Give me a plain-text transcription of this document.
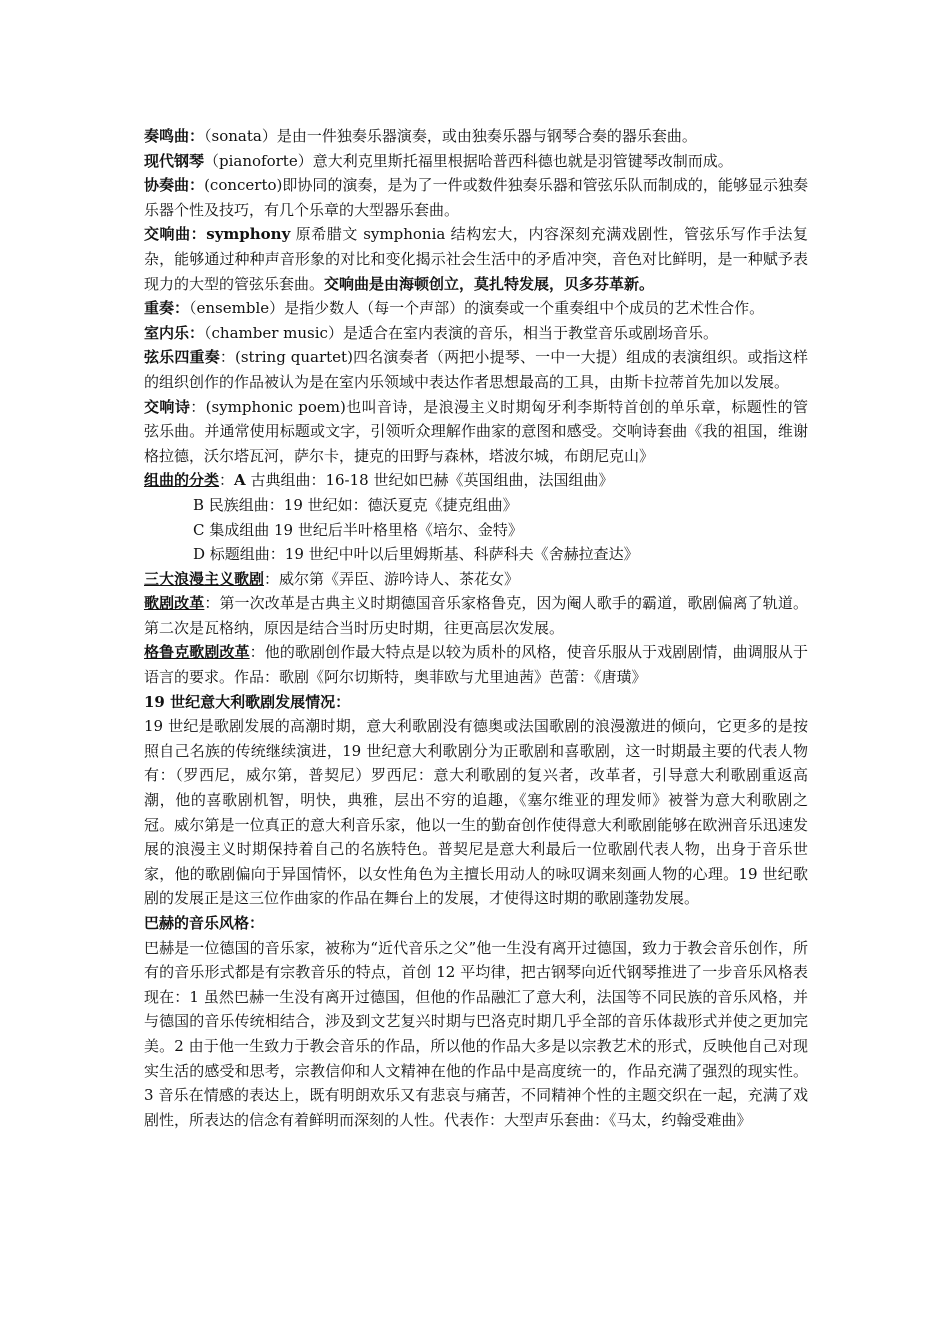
奏鸣曲：（sonata）是由一件独奏乐器演奏，或由独奏乐器与钢琴合奏的器乐套曲。

现代钢琴（pianoforte）意大利克里斯托福里根据哈普西科德也就是羽管键琴改制而成。

协奏曲：(concerto)即协同的演奏，是为了一件或数件独奏乐器和管弦乐队而制成的，能够显示独奏乐器个性及技巧，有几个乐章的大型器乐套曲。

交响曲：symphony 原希腊文 symphonia 结构宏大，内容深刻充满戏剧性，管弦乐写作手法复杂，能够通过种种声音形象的对比和变化揭示社会生活中的矛盾冲突，音色对比鲜明，是一种赋予表现力的大型的管弦乐套曲。交响曲是由海顿创立，莫扎特发展，贝多芬革新。

重奏：（ensemble）是指少数人（每一个声部）的演奏或一个重奏组中个成员的艺术性合作。

室内乐：（chamber music）是适合在室内表演的音乐，相当于教堂音乐或剧场音乐。

弦乐四重奏：(string quartet)四名演奏者（两把小提琴、一中一大提）组成的表演组织。或指这样的组织创作的作品被认为是在室内乐领域中表达作者思想最高的工具，由斯卡拉蒂首先加以发展。

交响诗：(symphonic poem)也叫音诗，是浪漫主义时期匈牙利李斯特首创的单乐章，标题性的管弦乐曲。并通常使用标题或文字，引领听众理解作曲家的意图和感受。交响诗套曲《我的祖国，维谢格拉德，沃尔塔瓦河，萨尔卡，捷克的田野与森林，塔波尔城，布朗尼克山》

组曲的分类：A 古典组曲：16-18 世纪如巴赫《英国组曲，法国组曲》

B 民族组曲：19 世纪如：德沃夏克《捷克组曲》

C 集成组曲 19 世纪后半叶格里格《培尔、金特》

D 标题组曲：19 世纪中叶以后里姆斯基、科萨科夫《舍赫拉查达》

三大浪漫主义歌剧：威尔第《弄臣、游吟诗人、茶花女》

歌剧改革：第一次改革是古典主义时期德国音乐家格鲁克，因为阉人歌手的霸道，歌剧偏离了轨道。第二次是瓦格纳，原因是结合当时历史时期，往更高层次发展。

格鲁克歌剧改革：他的歌剧创作最大特点是以较为质朴的风格，使音乐服从于戏剧剧情，曲调服从于语言的要求。作品：歌剧《阿尔切斯特，奥菲欧与尤里迪茜》芭蕾：《唐璜》

19 世纪意大利歌剧发展情况：

19 世纪是歌剧发展的高潮时期，意大利歌剧没有德奥或法国歌剧的浪漫激进的倾向，它更多的是按照自己名族的传统继续演进，19 世纪意大利歌剧分为正歌剧和喜歌剧，这一时期最主要的代表人物有：（罗西尼，威尔第，普契尼）罗西尼：意大利歌剧的复兴者，改革者，引导意大利歌剧重返高潮，他的喜歌剧机智，明快，典雅，层出不穷的追趣，《塞尔维亚的理发师》被誉为意大利歌剧之冠。威尔第是一位真正的意大利音乐家，他以一生的勤奋创作使得意大利歌剧能够在欧洲音乐迅速发展的浪漫主义时期保持着自己的名族特色。普契尼是意大利最后一位歌剧代表人物，出身于音乐世家，他的歌剧偏向于异国情怀，以女性角色为主擅长用动人的咏叹调来刻画人物的心理。19 世纪歌剧的发展正是这三位作曲家的作品在舞台上的发展，才使得这时期的歌剧蓬勃发展。

巴赫的音乐风格：

巴赫是一位德国的音乐家，被称为“近代音乐之父”他一生没有离开过德国，致力于教会音乐创作，所有的音乐形式都是有宗教音乐的特点，首创 12 平均律，把古钢琴向近代钢琴推进了一步音乐风格表现在：1 虽然巴赫一生没有离开过德国，但他的作品融汇了意大利，法国等不同民族的音乐风格，并与德国的音乐传统相结合，涉及到文艺复兴时期与巴洛克时期几乎全部的音乐体裁形式并使之更加完美。2 由于他一生致力于教会音乐的作品，所以他的作品大多是以宗教艺术的形式，反映他自己对现实生活的感受和思考，宗教信仰和人文精神在他的作品中是高度统一的，作品充满了强烈的现实性。3 音乐在情感的表达上，既有明朗欢乐又有悲哀与痛苦，不同精神个性的主题交织在一起，充满了戏剧性，所表达的信念有着鲜明而深刻的人性。代表作：大型声乐套曲：《马太，约翰受难曲》
